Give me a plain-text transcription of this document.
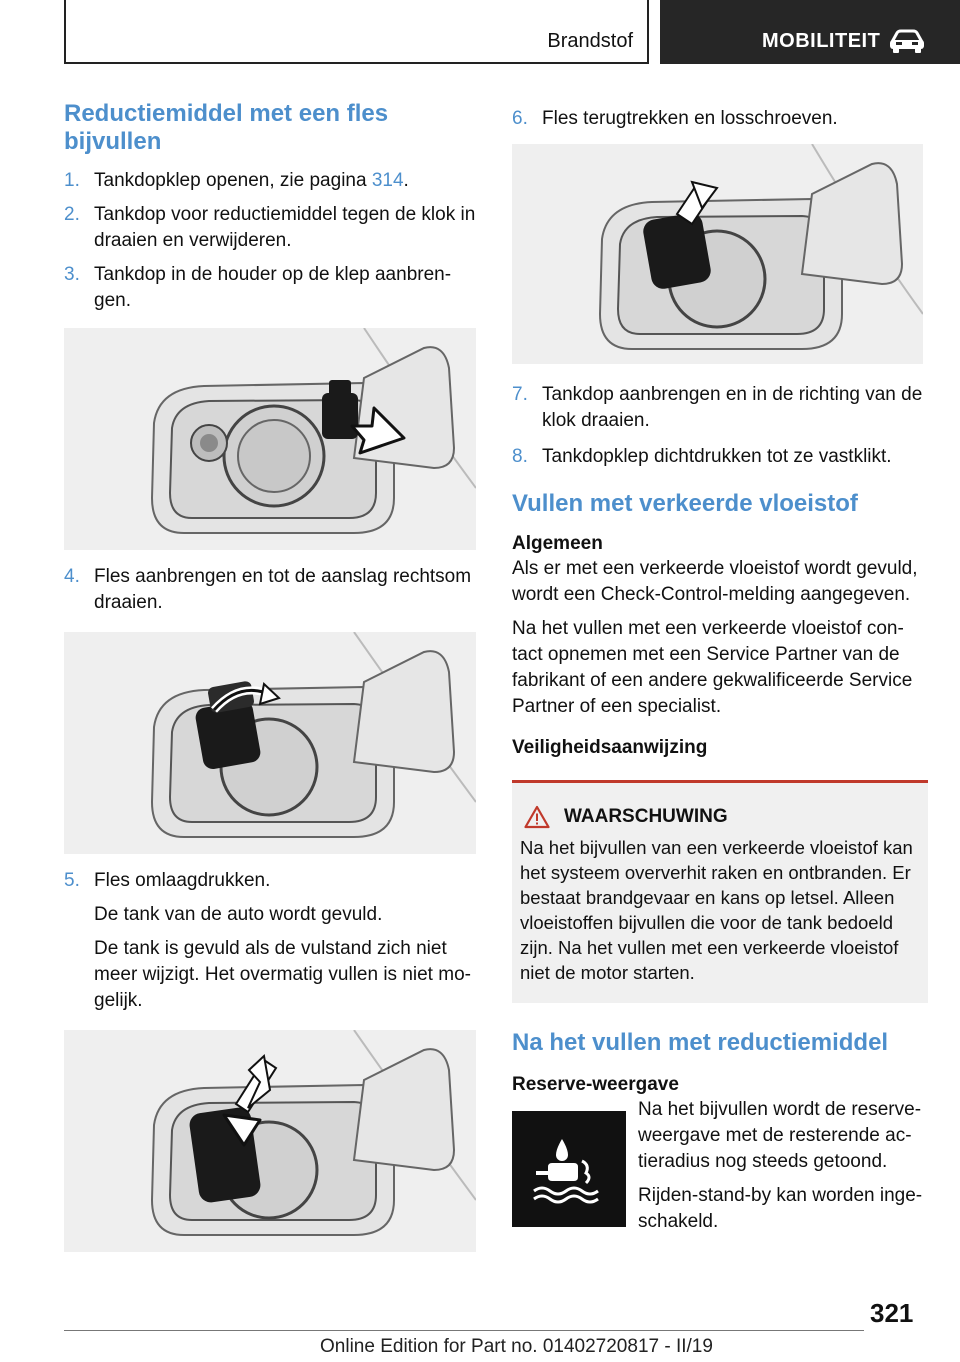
Brandstof	MOBILITEIT
Reductiemiddel met een fles bijvullen
1. Tankdopklep openen, zie pagina 314.
2. Tankdop voor reductiemiddel tegen de klok in draaien en verwijderen.
3. Tankdop in de houder op de klep aanbren‐ gen.
4. Fles aanbrengen en tot de aanslag rechtsom draaien.
5. Fles omlaagdrukken.

De tank van de auto wordt gevuld.

De tank is gevuld als de vulstand zich niet meer wijzigt. Het overmatig vullen is niet mo‐ gelijk.

6. Fles terugtrekken en losschroeven.
7. Tankdop aanbrengen en in de richting van de klok draaien.
8. Tankdopklep dichtdrukken tot ze vastklikt.
Vullen met verkeerde vloeistof
Algemeen

Als er met een verkeerde vloeistof wordt gevuld, wordt een Check-Control-melding aangegeven.

Na het vullen met een verkeerde vloeistof con‐ tact opnemen met een Service Partner van de fabrikant of een andere gekwalificeerde Service Partner of een specialist.

Veiligheidsaanwijzing
WAARSCHUWING

Na het bijvullen van een verkeerde vloeistof kan het systeem oververhit raken en ontbranden. Er bestaat brandgevaar en kans op letsel. Alleen vloeistoffen bijvullen die voor de tank bedoeld zijn. Na het vullen met een verkeerde vloeistof niet de motor starten.

Na het vullen met reductiemiddel
Reserve-weergave

Na het bijvullen wordt de reserve‐ weergave met de resterende ac‐ tieradius nog steeds getoond.

Rijden-stand-by kan worden inge‐ schakeld.

321
Online Edition for Part no. 01402720817 - II/19
